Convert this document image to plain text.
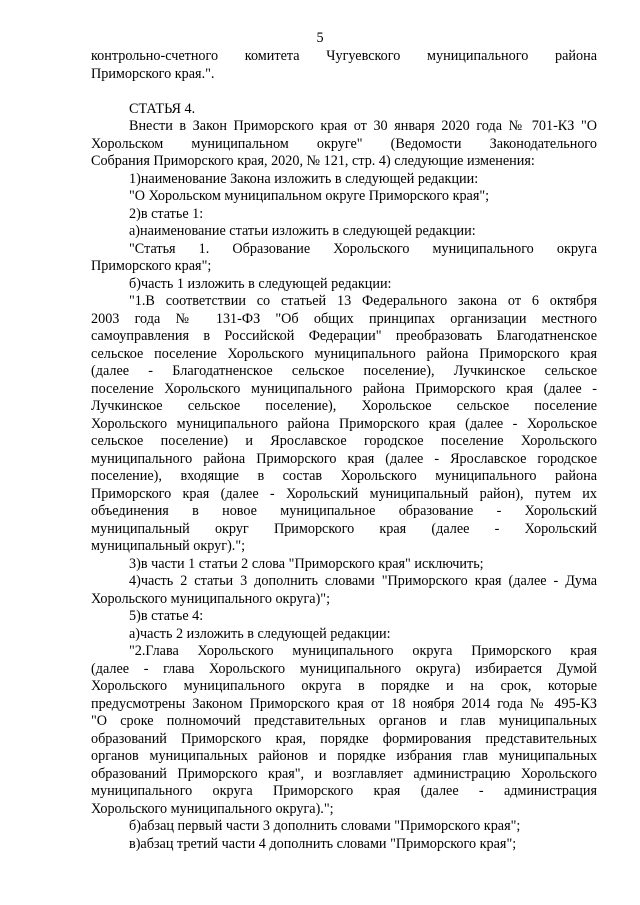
5

контрольно-счетного комитета Чугуевского муниципального района

Приморского края.".

СТАТЬЯ 4.

Внести в Закон Приморского края от 30 января 2020 года № 701-КЗ "О

Хорольском муниципальном округе" (Ведомости Законодательного

Собрания Приморского края, 2020, № 121, стр. 4) следующие изменения:

1)наименование Закона изложить в следующей редакции:

"О Хорольском муниципальном округе Приморского края";

2)в статье 1:

а)наименование статьи изложить в следующей редакции:

"Статья 1. Образование Хорольского муниципального округа

Приморского края";

б)часть 1 изложить в следующей редакции:

"1.В соответствии со статьей 13 Федерального закона от 6 октября

2003 года № 131-ФЗ "Об общих принципах организации местного

самоуправления в Российской Федерации" преобразовать Благодатненское

сельское поселение Хорольского муниципального района Приморского края

(далее - Благодатненское сельское поселение), Лучкинское сельское

поселение Хорольского муниципального района Приморского края (далее -

Лучкинское сельское поселение), Хорольское сельское поселение

Хорольского муниципального района Приморского края (далее - Хорольское

сельское поселение) и Ярославское городское поселение Хорольского

муниципального района Приморского края (далее - Ярославское городское

поселение), входящие в состав Хорольского муниципального района

Приморского края (далее - Хорольский муниципальный район), путем их

объединения в новое муниципальное образование - Хорольский

муниципальный округ Приморского края (далее - Хорольский

муниципальный округ).";

3)в части 1 статьи 2 слова "Приморского края" исключить;

4)часть 2 статьи 3 дополнить словами "Приморского края (далее - Дума

Хорольского муниципального округа)";

5)в статье 4:

а)часть 2 изложить в следующей редакции:

"2.Глава Хорольского муниципального округа Приморского края

(далее - глава Хорольского муниципального округа) избирается Думой

Хорольского муниципального округа в порядке и на срок, которые

предусмотрены Законом Приморского края от 18 ноября 2014 года № 495-КЗ

"О сроке полномочий представительных органов и глав муниципальных

образований Приморского края, порядке формирования представительных

органов муниципальных районов и порядке избрания глав муниципальных

образований Приморского края", и возглавляет администрацию Хорольского

муниципального округа Приморского края (далее - администрация

Хорольского муниципального округа).";

б)абзац первый части 3 дополнить словами "Приморского края";

в)абзац третий части 4 дополнить словами "Приморского края";
